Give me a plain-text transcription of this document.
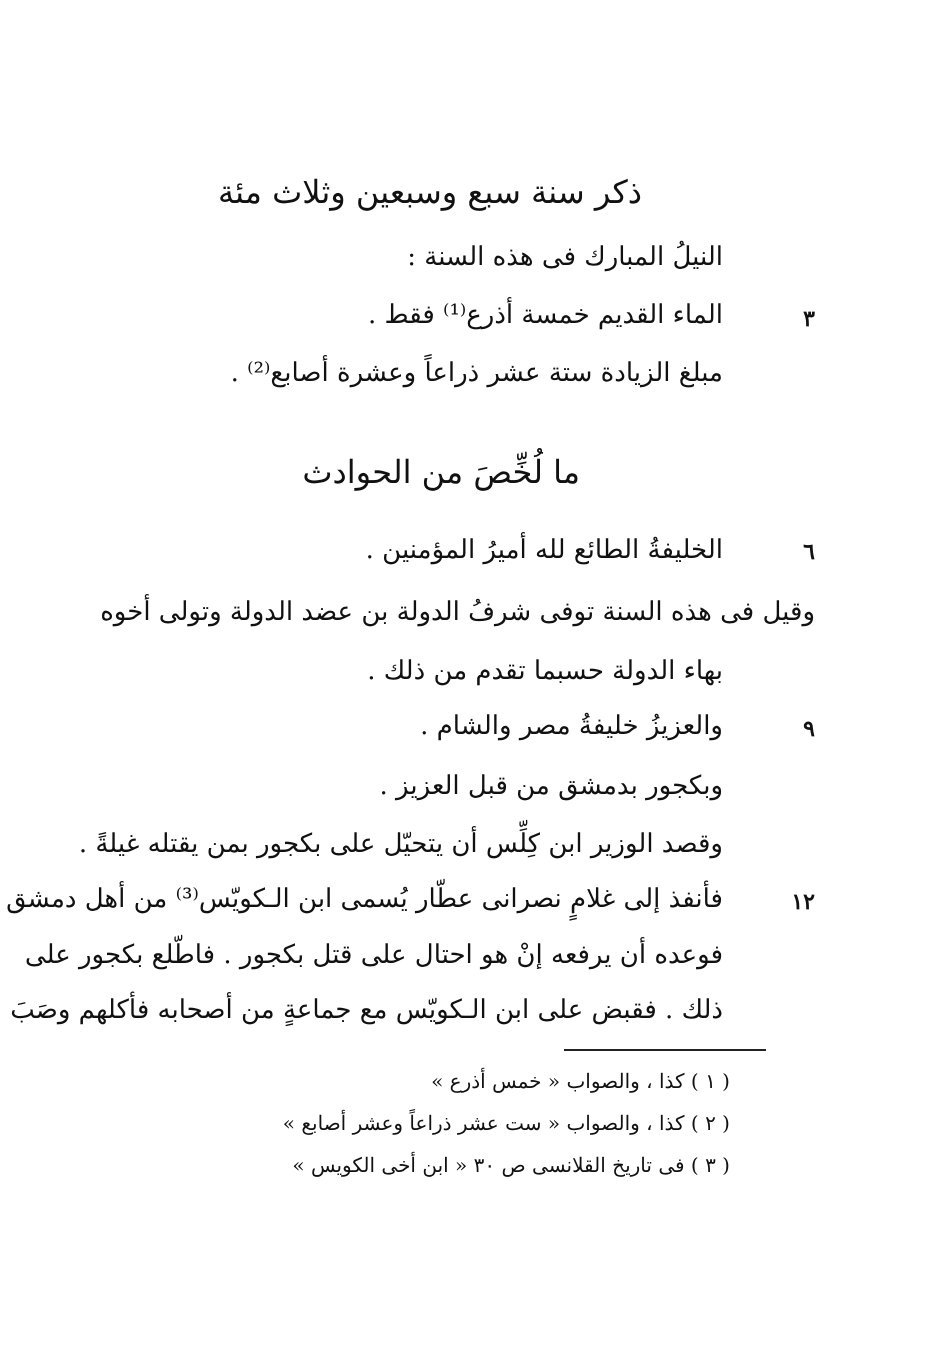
ذكر سنة سبع وسبعين وثلاث مئة
النيلُ المبارك فى هذه السنة :
٣
الماء القديم خمسة أذرع⁽¹⁾ فقط .
مبلغ الزيادة ستة عشر ذراعاً وعشرة أصابع⁽²⁾ .
ما لُخِّصَ من الحوادث
٦
الخليفةُ الطائع لله أميرُ المؤمنين .
وقيل فى هذه السنة توفى شرفُ الدولة بن عضد الدولة وتولى أخوه
بهاء الدولة حسبما تقدم من ذلك .
٩
والعزيزُ خليفةُ مصر والشام .
وبكجور بدمشق من قبل العزيز .
وقصد الوزير ابن كِلِّس أن يتحيّل على بكجور بمن يقتله غيلةً .
١٢
فأنفذ إلى غلامٍ نصرانى عطّار يُسمى ابن الـكويّس⁽³⁾ من أهل دمشق
فوعده أن يرفعه إنْ هو احتال على قتل بكجور . فاطّلع بكجور على
ذلك . فقبض على ابن الـكويّس مع جماعةٍ من أصحابه فأكلهم وصَبَ
( ١ ) كذا ، والصواب « خمس أذرع »
( ٢ ) كذا ، والصواب « ست عشر ذراعاً وعشر أصابع »
( ٣ ) فى تاريخ القلانسى ص ٣٠ « ابن أخى الكويس »
